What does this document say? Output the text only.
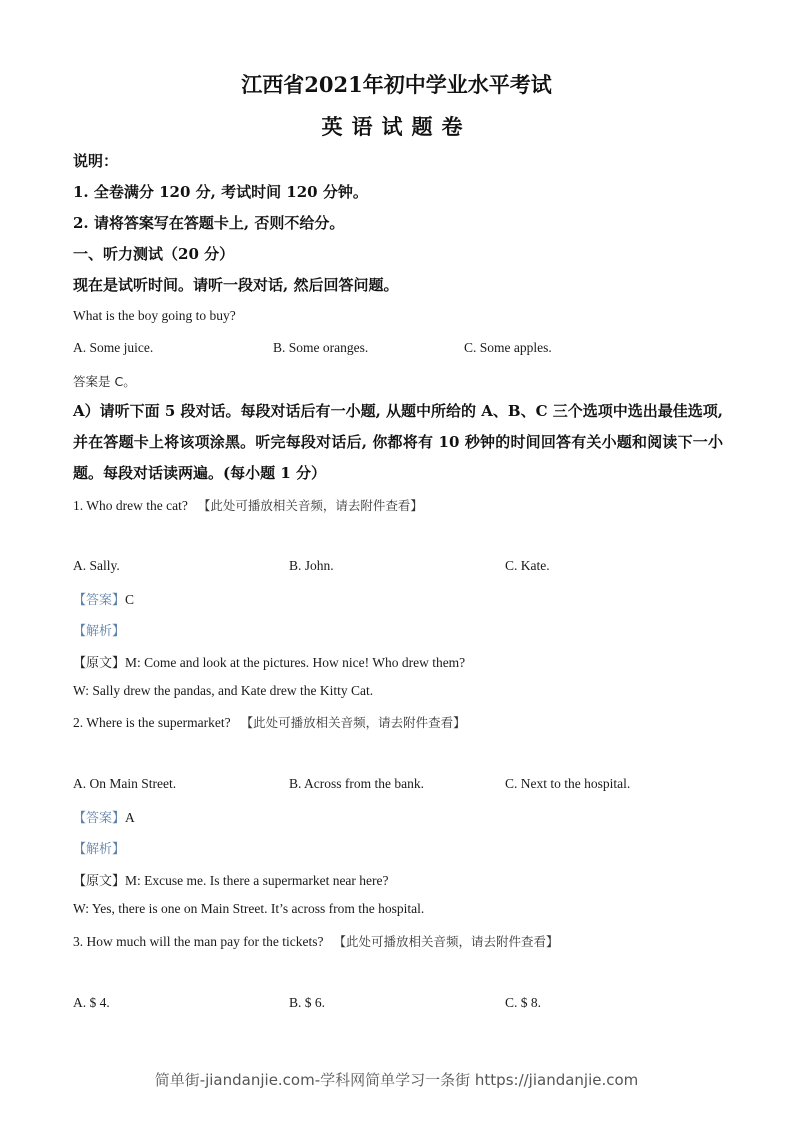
江西省2021年初中学业水平考试
英语试题卷
说明：
1. 全卷满分 120 分, 考试时间 120 分钟。
2. 请将答案写在答题卡上, 否则不给分。
一、听力测试（20 分）
现在是试听时间。请听一段对话, 然后回答问题。
What is the boy going to buy?
A. Some juice.	B. Some oranges.	C. Some apples.
答案是 C。
A）请听下面 5 段对话。每段对话后有一小题, 从题中所给的 A、B、C 三个选项中选出最佳选项, 并在答题卡上将该项涂黑。听完每段对话后, 你都将有 10 秒钟的时间回答有关小题和阅读下一小题。每段对话读两遍。(每小题 1 分）
1. Who drew the cat? 【此处可播放相关音频，请去附件查看】
A. Sally.	B. John.	C. Kate.
【答案】C
【解析】
【原文】M: Come and look at the pictures. How nice! Who drew them?
W: Sally drew the pandas, and Kate drew the Kitty Cat.
2. Where is the supermarket? 【此处可播放相关音频，请去附件查看】
A. On Main Street.	B. Across from the bank.	C. Next to the hospital.
【答案】A
【解析】
【原文】M: Excuse me. Is there a supermarket near here?
W: Yes, there is one on Main Street. It’s across from the hospital.
3. How much will the man pay for the tickets? 【此处可播放相关音频，请去附件查看】
A. $ 4.	B. $ 6.	C. $ 8.
简单街-jiandanjie.com-学科网简单学习一条街 https://jiandanjie.com
